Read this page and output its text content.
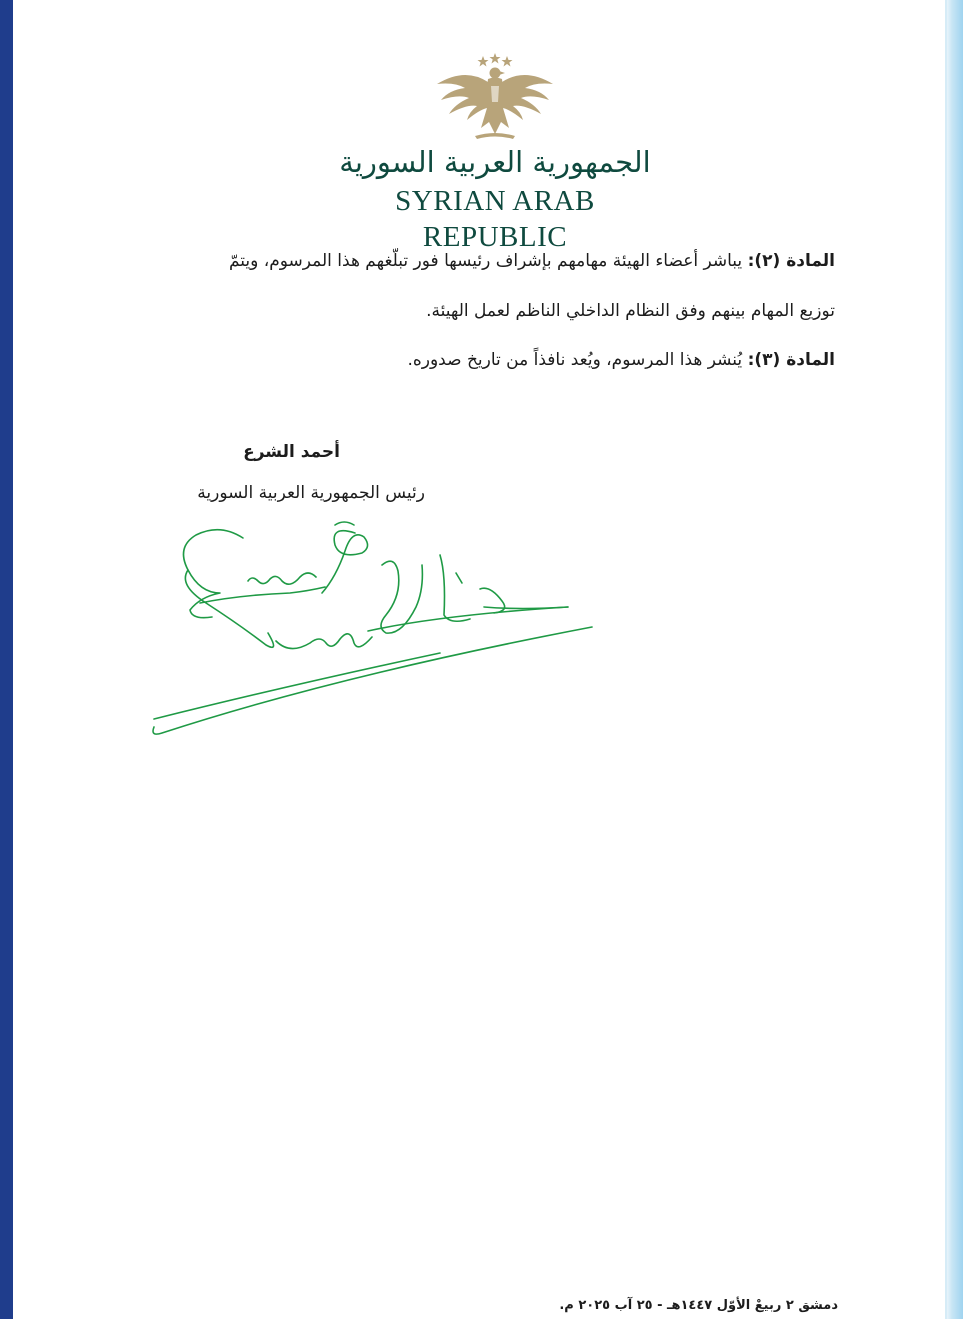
الجمهورية العربية السورية
SYRIAN ARAB REPUBLIC
المادة (٢): يباشر أعضاء الهيئة مهامهم بإشراف رئيسها فور تبلّغهم هذا المرسوم، ويتمّ
توزيع المهام بينهم وفق النظام الداخلي الناظم لعمل الهيئة.
المادة (٣): يُنشر هذا المرسوم، ويُعد نافذاً من تاريخ صدوره.
أحمد الشرع
رئيس الجمهورية العربية السورية
دمشق ٢ ربيعْ الأوّل ١٤٤٧هـ - ٢٥ آب ٢٠٢٥ م.
